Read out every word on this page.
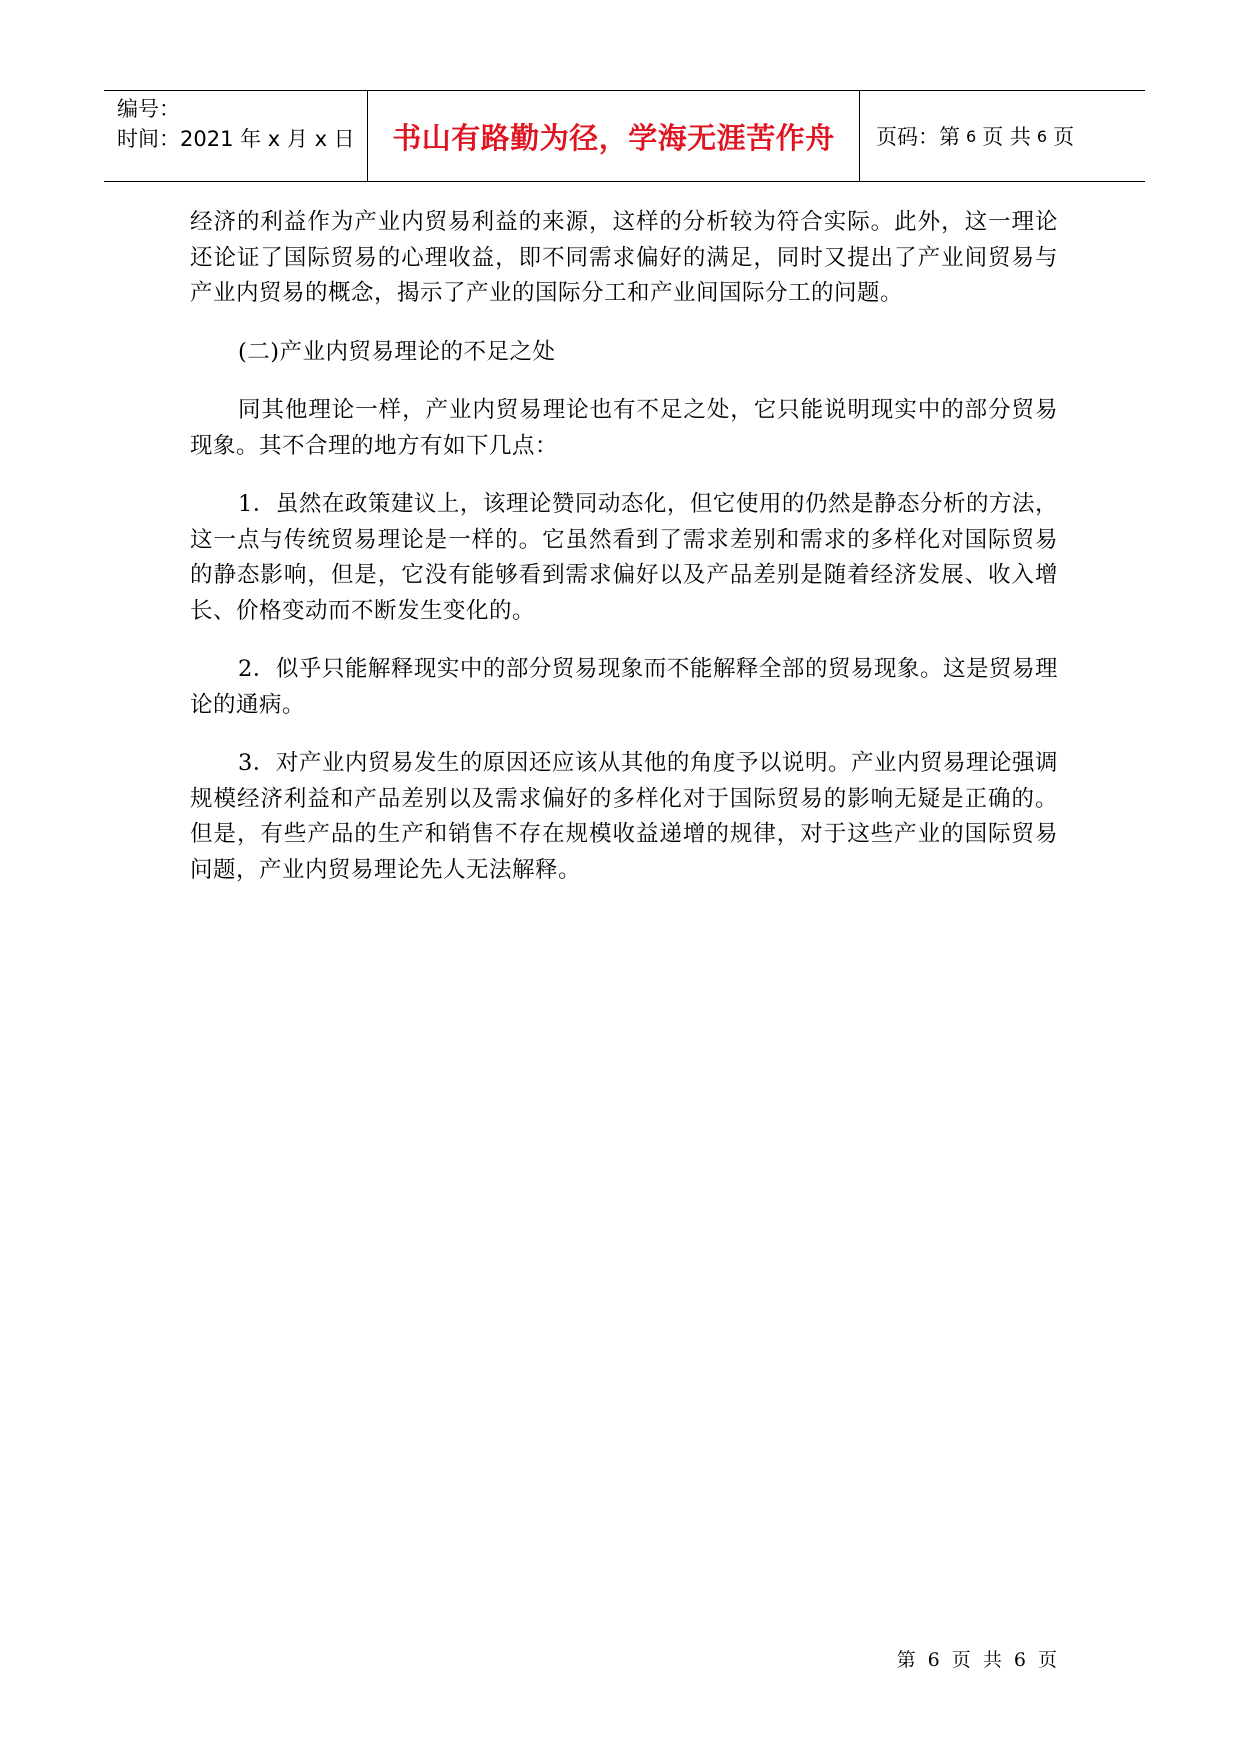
编号：
时间：2021 年 x 月 x 日	书山有路勤为径，学海无涯苦作舟	页码：第 6 页 共 6 页

经济的利益作为产业内贸易利益的来源，这样的分析较为符合实际。此外，这一理论还论证了国际贸易的心理收益，即不同需求偏好的满足，同时又提出了产业间贸易与产业内贸易的概念，揭示了产业的国际分工和产业间国际分工的问题。

(二)产业内贸易理论的不足之处

同其他理论一样，产业内贸易理论也有不足之处，它只能说明现实中的部分贸易现象。其不合理的地方有如下几点：

1．虽然在政策建议上，该理论赞同动态化，但它使用的仍然是静态分析的方法，这一点与传统贸易理论是一样的。它虽然看到了需求差别和需求的多样化对国际贸易的静态影响，但是，它没有能够看到需求偏好以及产品差别是随着经济发展、收入增长、价格变动而不断发生变化的。

2．似乎只能解释现实中的部分贸易现象而不能解释全部的贸易现象。这是贸易理论的通病。

3．对产业内贸易发生的原因还应该从其他的角度予以说明。产业内贸易理论强调规模经济利益和产品差别以及需求偏好的多样化对于国际贸易的影响无疑是正确的。但是，有些产品的生产和销售不存在规模收益递增的规律，对于这些产业的国际贸易问题，产业内贸易理论先人无法解释。

第 6 页 共 6 页
